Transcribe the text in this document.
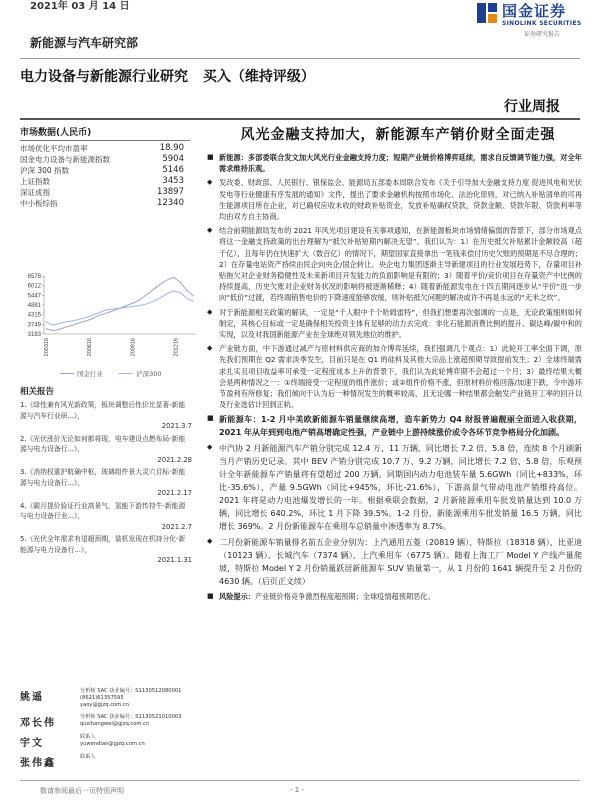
2021年 03 月 14 日
新能源与汽车研究部
国金证券
SINOLINK SECURITIES
证券研究报告
电力设备与新能源行业研究 买入（维持评级）
行业周报
市场数据(人民币)
市场优化平均市盈率	18.90
国金电力设备与新能源指数	5904
沪深 300 指数	5146
上证指数	3453
深证成指	13897
中小板综指	12340
3183
3749
4315
4881
5447
6012
6578
200316	200616	200916	201216
国金行业
	沪深300
相关报告
1.《绿性兼有风光新政策，板块调整后性价比显著-新能源与汽车行业研...》，
2021.3.7
2.《光伏涨价无论如何都将现，电车建设点燃布局-新能源与电力设备行...》，
2021.2.28
3.《消纳权重护航确中枢，玻璃组件景大灵穴目标-新能源与电力设备行...》，
2021.2.17
4.《碳月提价验证行业高景气，氢能下游传持牛-新能源与电力设备行业...》，
2021.2.7
5.《光伏全年需求有望超预期，装机发现在机持分化-新能源与电力设备行...》，
2021.1.31
姚遥
分析师 SAC 执业编号：S1130512080001
(8621)61357595
yaoy@gjzq.com.cn
邓长伟
分析师 SAC 执业编号：S1130521010003
qiuchangwei@gjzq.com.cn
宇文
联系人
yuwendian@gjzq.com.cn
张伟鑫
联系人
风光金融支持加大，新能源车产销价财全面走强
■ 新能源：多部委联合发文加大风光行业金融支持力度；短期产业链价格博弈延续，需求自反馈调节能力强，对全年需求维持乐观。
◆ 发改委、财政部、人民银行、银保监会、能源局五部委本周联合发布《关于引导加大金融支持力度 促进风电和光伏发电等行业健康有序发展的通知》文件，提出了要求金融机构按照市场化、法治化原则，对已纳入补贴清单的可再生能源项目所在企业，对已确权应收未收的财政补贴资金，发放补贴确权贷款，贷款金额、贷款年限、贷款利率等均由双方自主协商。
◆ 结合前期能源局发布的 2021 年风光项目建设有关事项通知，在新能源板块市场情绪偏弱的背景下，部分市场观点将这一金融支持政策的出台理解为“抵欠补贴短期内解决无望”。我们认为：1）在历史抵欠补贴累计金额较高（超千亿），且每年仍在快速扩大（数百亿）的情况下，期望国家直接拿出一笔钱来偿付历史欠账的预期是不尽合理的；2）在存量电站资产持续由民企向央企/国企转让、央企电力集团逐渐主导新建项目的行业发展趋势下，存量项目补贴拖欠对企业财务稳健性及未来新项目开发能力的负面影响是有限的；3）随着平价/竞价项目在存量资产中比例的持续提高，历史欠账对企业财务状况的影响将被逐渐稀释；4）随着新能源发电在十四五期间逐步从“平价”进一步向“低价”过渡，若终端销售电价的下降速度能够放缓，则补贴抵欠问题的解决或许不再是永远的“无米之炊”。
◆ 对于新能源相关政策的解读，一定是“千人眼中千个哈姆雷特”，但我们想要再次强调的一点是，无论政策细则如何制定，其核心目标或一定是确保相关投资主体有足够的动力去完成：非化石能源消费比例的提升、碳达峰/碳中和的实现，以及对我国新能源产业在全球绝对领先地位的维护。
◆ 产业链方面，中下游通过减产与原材料供应商的加介博弈延续，我们强调几个观点：1）此轮开工率全面下调，原先我们预期在 Q2 需求淡季发生，目前只是在 Q1 的硅料及其他大宗品上涨超预期导致提前发生；2）全球终端需求扎实且项目收益率可承受一定程度成本上升的背景下，我们认为此轮博弈期不会超过一个月；3）最终结果大概会是两种情况之一：①终端接受一定程度的组件涨价；或②组件价格不涨，但原材料价格回落/加速下跌，令中游环节盈利有所修复；我们倾向于认为后一种情况发生的概率较高，且无论哪一种结果都会触发产业链开工率的回升以及行业选估计回到正轨。
■ 新能源车：1-2 月中美欧新能源车销量继续高增，造车新势力 Q4 财报普遍靓丽全面进入收获期，2021 年从年到到电池产销高增确定性强，产业链中上游持续涨价或令各环节竞争格局分化加剧。
◆ 中汽协 2 月新能源汽车产销分别完成 12.4 万、11 万辆，同比增长 7.2 倍、5.8 倍，连续 8 个月刷新当月产销历史记录。其中 BEV 产销分别完成 10.7 万、9.2 万辆，同比增长 7.2 倍、5.8 倍，乐观预计全年新能源车产销量将有望超过 200 万辆。同期国内动力电池装车量 5.6GWh（同比+833%，环比-35.6%），产量 9.5GWh（同比+945%，环比-21.6%），下游高景气带动电池产销维持高位。2021 年将是动力电池爆发增长的一年。根据乘联会数据，2 月新能源乘用车批发销量达到 10.0 万辆，同比增长 640.2%，环比 1 月下降 39.5%。1-2 月份，新能源乘用车批发销量 16.5 万辆，同比增长 369%。2 月份新能源车在乘用车总销量中渗透率为 8.7%。
◆ 二月份新能源车销量排名前五企业分别为：上汽通用五菱（20819 辆）、特斯拉（18318 辆）、比亚迪（10123 辆）、长城汽车（7374 辆）、上汽乘用车（6775 辆）。随着上海工厂 Model Y 产线产量爬坡，特斯拉 Model Y 2 月份销量跃居新能源车 SUV 销量第一，从 1 月份的 1641 辆提升至 2 月份的 4630 辆。（后页正文续）
■ 风险提示：产业链价格竞争激烈程度超预期；全球疫情超预期恶化。
敬请参阅最后一页特别声明	- 1 -
